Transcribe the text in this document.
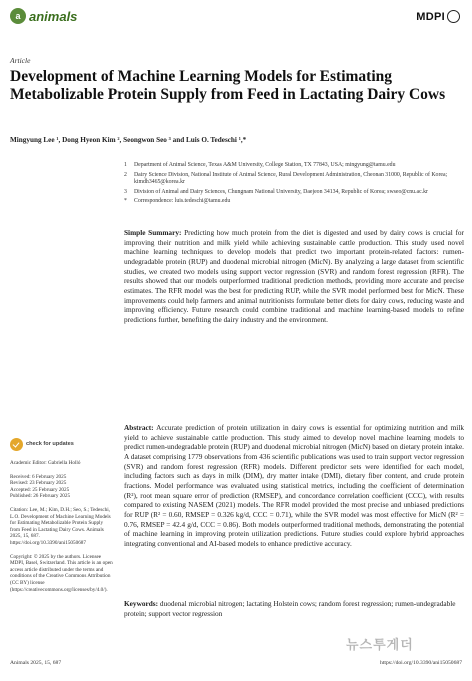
a animals	MDPI
Article
Development of Machine Learning Models for Estimating Metabolizable Protein Supply from Feed in Lactating Dairy Cows
Mingyung Lee ¹, Dong Hyeon Kim ², Seongwon Seo ³ and Luis O. Tedeschi ¹,*
1	Department of Animal Science, Texas A&M University, College Station, TX 77843, USA; mingyung@tamu.edu
2	Dairy Science Division, National Institute of Animal Science, Rural Development Administration, Cheonan 31000, Republic of Korea; kimdh3465@korea.kr
3	Division of Animal and Dairy Sciences, Chungnam National University, Daejeon 34134, Republic of Korea; swseo@cnu.ac.kr
*	Correspondence: luis.tedeschi@tamu.edu
Simple Summary: Predicting how much protein from the diet is digested and used by dairy cows is crucial for improving their nutrition and milk yield while achieving sustainable cattle production. This study used novel machine learning techniques to develop models that predict two important protein-related factors: rumen-undegradable protein (RUP) and duodenal microbial nitrogen (MicN). By analyzing a large dataset from scientific studies, we created two models using support vector regression (SVR) and random forest regression (RFR). The results showed that our models outperformed traditional prediction methods, providing more accurate and precise estimates. The RFR model was the best for predicting RUP, while the SVR model performed best for MicN. These improvements could help farmers and animal nutritionists formulate better diets for dairy cows, reducing waste and improving efficiency. Future research could combine traditional and machine learning-based models to refine predictions further, benefiting the dairy industry and the environment.
Abstract: Accurate prediction of protein utilization in dairy cows is essential for optimizing nutrition and milk yield to achieve sustainable cattle production. This study aimed to develop novel machine learning models to predict rumen-undegradable protein (RUP) and duodenal microbial nitrogen (MicN) based on dietary protein intake. A dataset comprising 1779 observations from 436 scientific publications was used to train support vector regression (SVR) and random forest regression (RFR) models. Different predictor sets were identified for each model, including factors such as days in milk (DIM), dry matter intake (DMI), dietary fiber content, and crude protein fractions. Model performance was evaluated using statistical metrics, including the coefficient of determination (R²), root mean square error of prediction (RMSEP), and concordance correlation coefficient (CCC), with results compared to existing NASEM (2021) models. The RFR model provided the most precise and unbiased predictions for RUP (R² = 0.60, RMSEP = 0.326 kg/d, CCC = 0.71), while the SVR model was most effective for MicN (R² = 0.76, RMSEP = 42.4 g/d, CCC = 0.86). Both models outperformed traditional methods, demonstrating the potential of machine learning in improving protein utilization predictions. Future studies could explore hybrid approaches integrating conventional and AI-based models to enhance predictive accuracy.
Keywords: duodenal microbial nitrogen; lactating Holstein cows; random forest regression; rumen-undegradable protein; support vector regression
check for updates
Academic Editor: Gabriella Holló
Received: 6 February 2025
Revised: 23 February 2025
Accepted: 25 February 2025
Published: 26 February 2025
Citation: Lee, M.; Kim, D.H.; Seo, S.; Tedeschi, L.O. Development of Machine Learning Models for Estimating Metabolizable Protein Supply from Feed in Lactating Dairy Cows. Animals 2025, 15, 687. https://doi.org/10.3390/ani15050687
Copyright: © 2025 by the authors. Licensee MDPI, Basel, Switzerland. This article is an open access article distributed under the terms and conditions of the Creative Commons Attribution (CC BY) license (https://creativecommons.org/licenses/by/4.0/).
Animals 2025, 15, 687	https://doi.org/10.3390/ani15050687
뉴스투게더
